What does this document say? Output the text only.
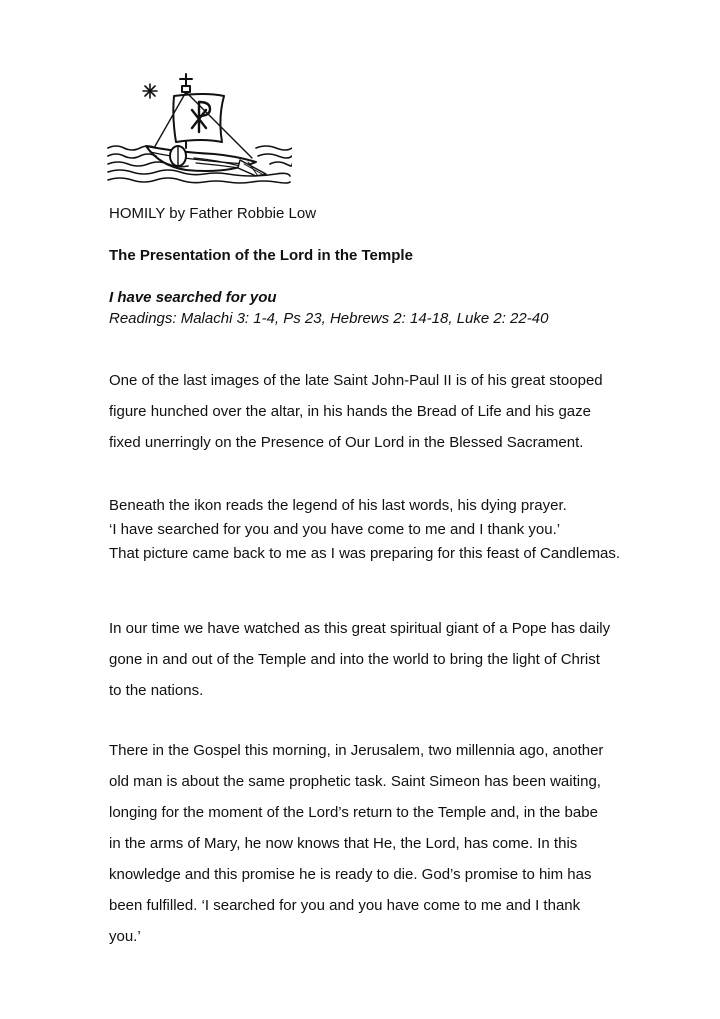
HOMILY by Father Robbie Low

The Presentation of the Lord in the Temple

I have searched for you

Readings: Malachi 3: 1-4, Ps 23, Hebrews 2: 14-18, Luke 2: 22-40

One of the last images of the late Saint John-Paul II is of his great stooped
figure hunched over the altar, in his hands the Bread of Life and his gaze
fixed unerringly on the Presence of Our Lord in the Blessed Sacrament.
Beneath the ikon reads the legend of his last words, his dying prayer.
‘I have searched for you and you have come to me and I thank you.’
That picture came back to me as I was preparing for this feast of Candlemas.
In our time we have watched as this great spiritual giant of a Pope has daily
gone in and out of the Temple and into the world to bring the light of Christ
to the nations.
There in the Gospel this morning, in Jerusalem, two millennia ago, another
old man is about the same prophetic task. Saint Simeon has been waiting,
longing for the moment of the Lord’s return to the Temple and, in the babe
in the arms of Mary, he now knows that He, the Lord, has come. In this
knowledge and this promise he is ready to die. God’s promise to him has
been fulfilled. ‘I searched for you and you have come to me and I thank
you.’
